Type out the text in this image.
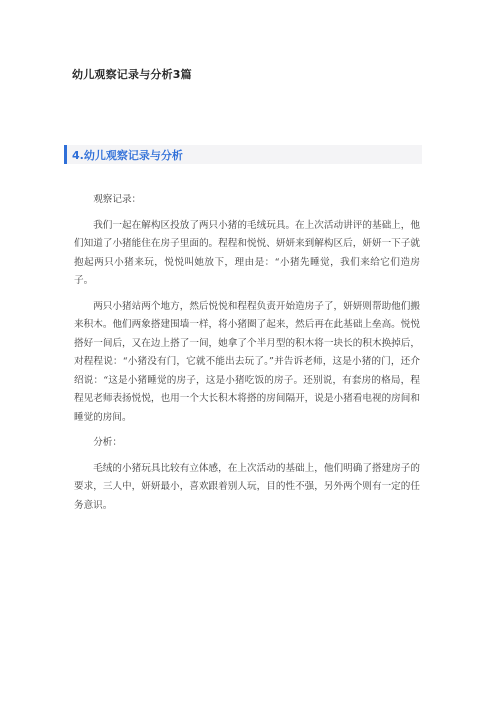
幼儿观察记录与分析3篇
4.幼儿观察记录与分析

观察记录：

我们一起在解构区投放了两只小猪的毛绒玩具。在上次活动讲评的基础上，他们知道了小猪能住在房子里面的。程程和悦悦、妍妍来到解构区后，妍妍一下子就抱起两只小猪来玩，悦悦叫她放下，理由是：“小猪先睡觉，我们来给它们造房子。

两只小猪站两个地方，然后悦悦和程程负责开始造房子了，妍妍则帮助他们搬来积木。他们两象搭建围墙一样，将小猪圈了起来，然后再在此基础上垒高。悦悦搭好一间后，又在边上搭了一间，她拿了个半月型的积木将一块长的积木换掉后，对程程说：“小猪没有门，它就不能出去玩了。”并告诉老师，这是小猪的门，还介绍说：“这是小猪睡觉的房子，这是小猪吃饭的房子。还别说，有套房的格局，程程见老师表扬悦悦，也用一个大长积木将搭的房间隔开，说是小猪看电视的房间和睡觉的房间。

分析：

毛绒的小猪玩具比较有立体感，在上次活动的基础上，他们明确了搭建房子的要求，三人中，妍妍最小，喜欢跟着别人玩，目的性不强，另外两个则有一定的任务意识。
